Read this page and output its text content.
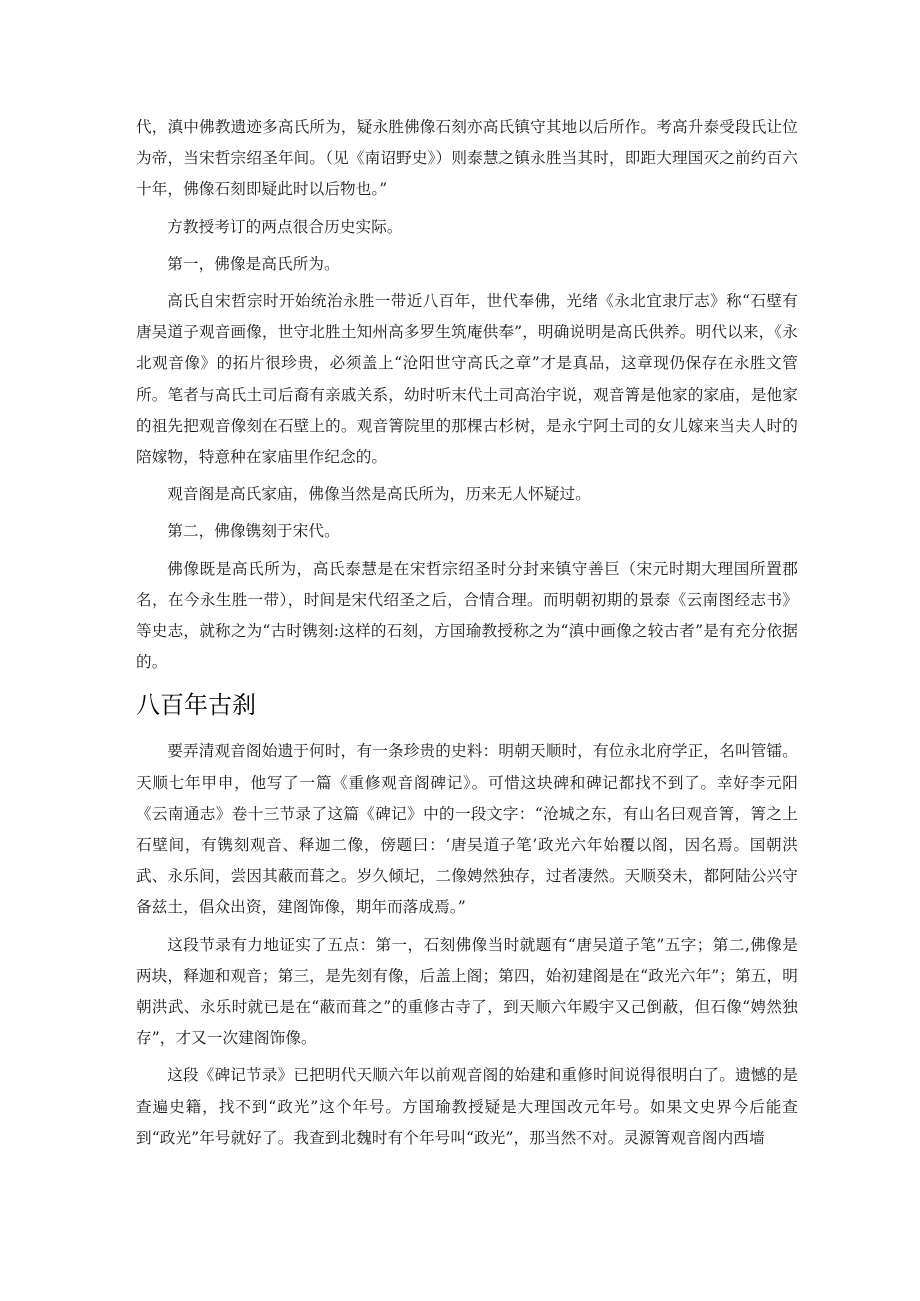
代，滇中佛教遗迹多高氏所为，疑永胜佛像石刻亦高氏镇守其地以后所作。考高升泰受段氏让位为帝，当宋哲宗绍圣年间。（见《南诏野史》）则泰慧之镇永胜当其时，即距大理国灭之前约百六十年，佛像石刻即疑此时以后物也。”

方教授考订的两点很合历史实际。

第一，佛像是高氏所为。

高氏自宋哲宗时开始统治永胜一带近八百年，世代奉佛，光绪《永北宜隶厅志》称“石壁有唐吴道子观音画像，世守北胜土知州高多罗生筑庵供奉”，明确说明是高氏供养。明代以来，《永北观音像》的拓片很珍贵，必须盖上“沧阳世守高氏之章”才是真品，这章现仍保存在永胜文管所。笔者与高氏土司后裔有亲戚关系，幼时听末代土司高治宇说，观音箐是他家的家庙，是他家的祖先把观音像刻在石壁上的。观音箐院里的那棵古杉树，是永宁阿土司的女儿嫁来当夫人时的陪嫁物，特意种在家庙里作纪念的。

观音阁是高氏家庙，佛像当然是高氏所为，历来无人怀疑过。

第二，佛像镌刻于宋代。

佛像既是高氏所为，高氏泰慧是在宋哲宗绍圣时分封来镇守善巨（宋元时期大理国所置郡名，在今永生胜一带），时间是宋代绍圣之后，合情合理。而明朝初期的景泰《云南图经志书》等史志，就称之为“古时镌刻:这样的石刻，方国瑜教授称之为“滇中画像之较古者”是有充分依据的。

八百年古刹

要弄清观音阁始遗于何时，有一条珍贵的史料：明朝天顺时，有位永北府学正，名叫管镭。天顺七年甲申，他写了一篇《重修观音阁碑记》。可惜这块碑和碑记都找不到了。幸好李元阳《云南通志》卷十三节录了这篇《碑记》中的一段文字：“沧城之东，有山名曰观音箐，箐之上石壁间，有镌刻观音、释迦二像，傍题曰：‘唐吴道子笔’政光六年始覆以阁，因名焉。国朝洪武、永乐间，尝因其蔽而葺之。岁久倾圮，二像娉然独存，过者凄然。天顺癸未，都阿陆公兴守备兹土，倡众出资，建阁饰像，期年而落成焉。”

这段节录有力地证实了五点：第一，石刻佛像当时就题有“唐吴道子笔”五字；第二,佛像是两块，释迦和观音；第三，是先刻有像，后盖上阁；第四，始初建阁是在“政光六年”；第五，明朝洪武、永乐时就已是在“蔽而葺之”的重修古寺了，到天顺六年殿宇又己倒蔽，但石像“娉然独存”，才又一次建阁饰像。

这段《碑记节录》已把明代天顺六年以前观音阁的始建和重修时间说得很明白了。遗憾的是查遍史籍，找不到“政光”这个年号。方国瑜教授疑是大理国改元年号。如果文史界今后能查到“政光”年号就好了。我查到北魏时有个年号叫“政光”，那当然不对。灵源箐观音阁内西墙
